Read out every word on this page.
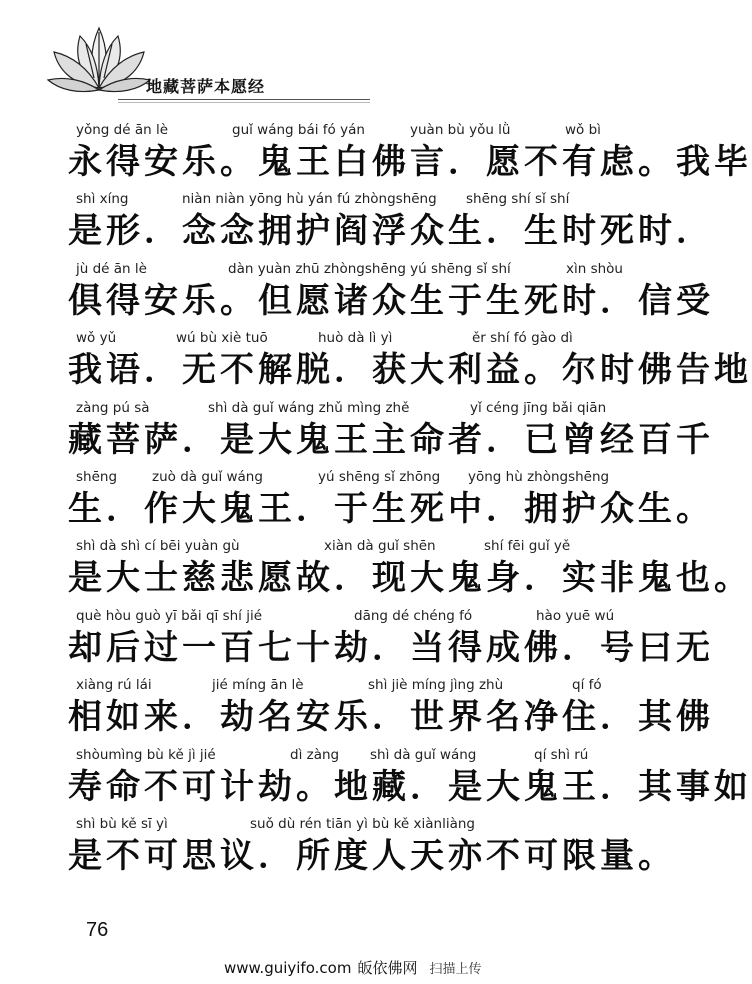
地藏菩萨本愿经
yǒng dé ān lè	guǐ wáng bái fó yán	yuàn bù yǒu lǜ	wǒ bì
永得安乐。鬼王白佛言．愿不有虑。我毕
shì xíng	niàn niàn yōng hù yán fú zhòngshēng shēng shí sǐ shí
是形．念念拥护阎浮众生．生时死时．
jù dé ān lè	dàn yuàn zhū zhòngshēng yú shēng sǐ shí	xìn shòu
俱得安乐。但愿诸众生于生死时．信受
wǒ yǔ	wú bù xiè tuō	huò dà lì yì	ěr shí fó gào dì
我语．无不解脱．获大利益。尔时佛告地
zàng pú sà	shì dà guǐ wáng zhǔ mìng zhě	yǐ céng jīng bǎi qiān
藏菩萨．是大鬼王主命者．已曾经百千
shēng	zuò dà guǐ wáng	yú shēng sǐ zhōng yōng hù zhòngshēng
生．作大鬼王．于生死中．拥护众生。
shì dà shì cí bēi yuàn gù	xiàn dà guǐ shēn	shí fēi guǐ yě
是大士慈悲愿故．现大鬼身．实非鬼也。
què hòu guò yī bǎi qī shí jié	dāng dé chéng fó	hào yuē wú
却后过一百七十劫．当得成佛．号曰无
xiàng rú lái	jié míng ān lè	shì jiè míng jìng zhù	qí fó
相如来．劫名安乐．世界名净住．其佛
shòumìng bù kě jì jié	dì zàng shì dà guǐ wáng	qí shì rú
寿命不可计劫。地藏．是大鬼王．其事如
shì bù kě sī yì	suǒ dù rén tiān yì bù kě xiànliàng
是不可思议．所度人天亦不可限量。
76
www.guiyifo.com 皈依佛网 扫描上传
